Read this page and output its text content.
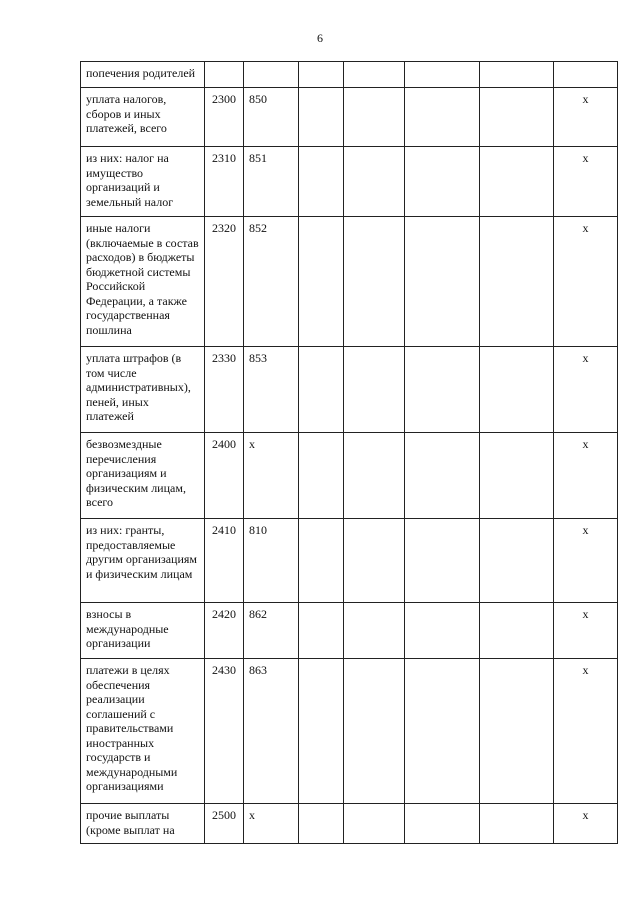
6
попечения родителей							
уплата налогов, сборов и иных платежей, всего	2300	850					x
из них: налог на имущество организаций и земельный налог	2310	851					x
иные налоги (включаемые в состав расходов) в бюджеты бюджетной системы Российской Федерации, а также государственная пошлина	2320	852					x
уплата штрафов (в том числе административных), пеней, иных платежей	2330	853					x
безвозмездные перечисления организациям и физическим лицам, всего	2400	x					x
из них: гранты, предоставляемые другим организациям и физическим лицам	2410	810					x
взносы в международные организации	2420	862					x
платежи в целях обеспечения реализации соглашений с правительствами иностранных государств и международными организациями	2430	863					x
прочие выплаты (кроме выплат на	2500	x					x
